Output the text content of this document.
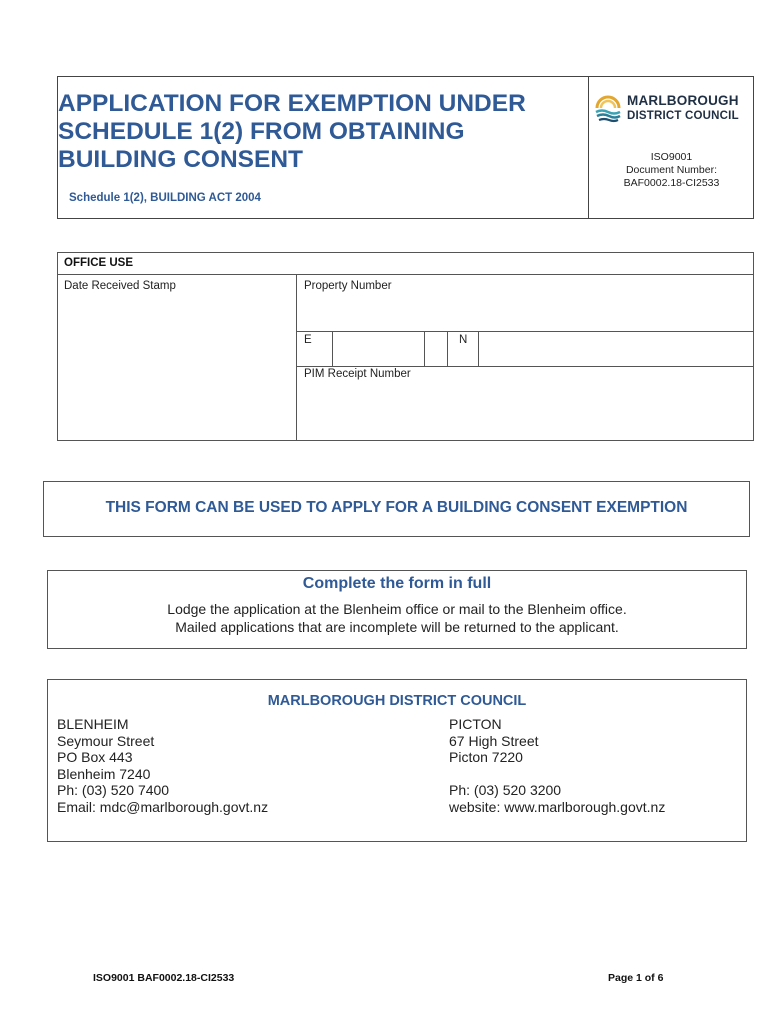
APPLICATION FOR EXEMPTION UNDER
SCHEDULE 1(2) FROM OBTAINING
BUILDING CONSENT
Schedule 1(2), BUILDING ACT 2004
MARLBOROUGH
DISTRICT COUNCIL
ISO9001
Document Number:
BAF0002.18-CI2533
OFFICE USE
Date Received Stamp	Property Number
E	N
PIM Receipt Number
THIS FORM CAN BE USED TO APPLY FOR A BUILDING CONSENT EXEMPTION
Complete the form in full
Lodge the application at the Blenheim office or mail to the Blenheim office.
Mailed applications that are incomplete will be returned to the applicant.
MARLBOROUGH DISTRICT COUNCIL
BLENHEIM
Seymour Street
PO Box 443
Blenheim 7240
Ph: (03) 520 7400
Email: mdc@marlborough.govt.nz
PICTON
67 High Street
Picton 7220
Ph: (03) 520 3200
website: www.marlborough.govt.nz
ISO9001 BAF0002.18-CI2533	Page 1 of 6
